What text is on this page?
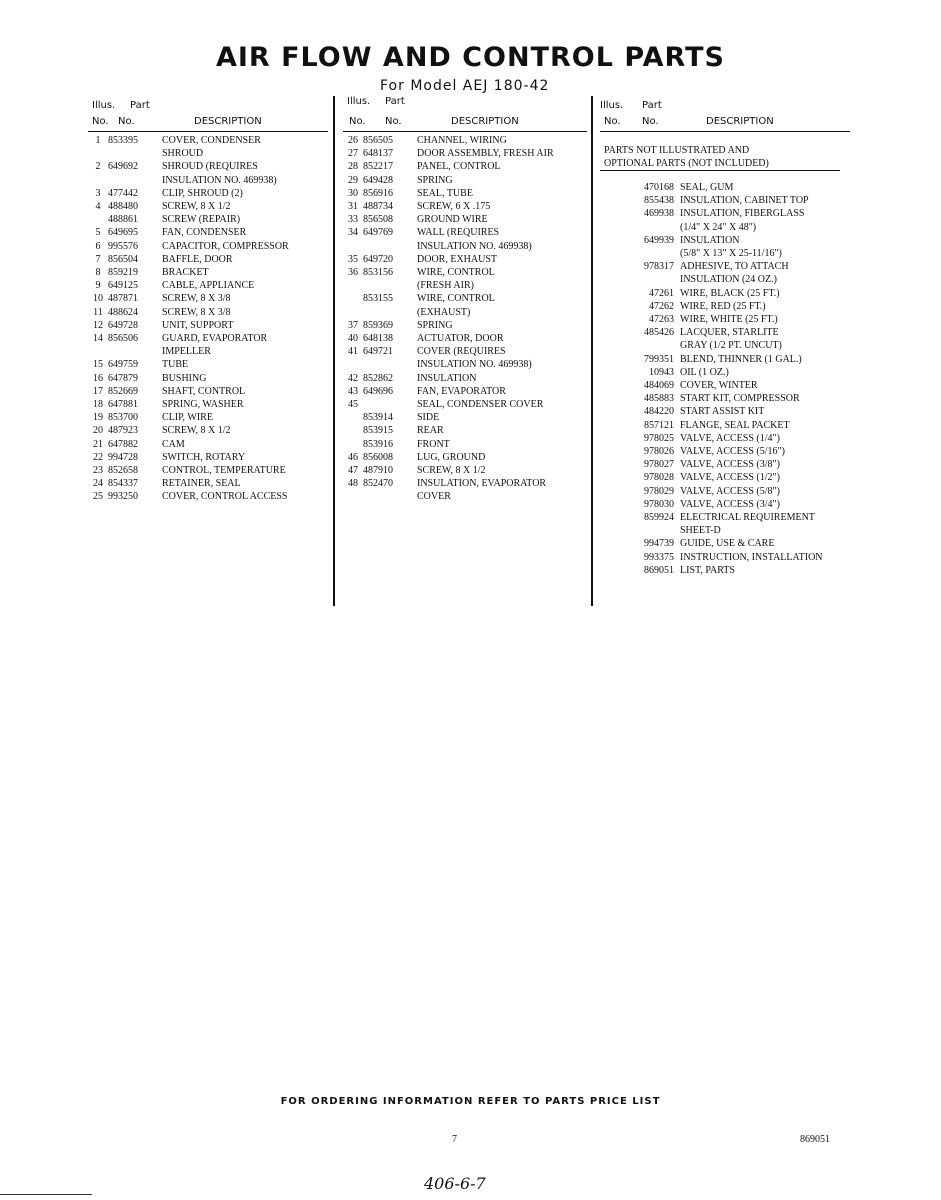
AIR FLOW AND CONTROL PARTS
For Model AEJ 180-42
Illus. Part
No. No.	DESCRIPTION
1 853395	COVER, CONDENSER
SHROUD
2 649692	SHROUD (REQUIRES
INSULATION NO. 469938)
3 477442	CLIP, SHROUD (2)
4 488480	SCREW, 8 X 1/2
488861	SCREW (REPAIR)
5 649695	FAN, CONDENSER
6 995576	CAPACITOR, COMPRESSOR
7 856504	BAFFLE, DOOR
8 859219	BRACKET
9 649125	CABLE, APPLIANCE
10 487871	SCREW, 8 X 3/8
11 488624	SCREW, 8 X 3/8
12 649728	UNIT, SUPPORT
14 856506	GUARD, EVAPORATOR
IMPELLER
15 649759	TUBE
16 647879	BUSHING
17 852669	SHAFT, CONTROL
18 647881	SPRING, WASHER
19 853700	CLIP, WIRE
20 487923	SCREW, 8 X 1/2
21 647882	CAM
22 994728	SWITCH, ROTARY
23 852658	CONTROL, TEMPERATURE
24 854337	RETAINER, SEAL
25 993250	COVER, CONTROL ACCESS
Illus. Part
No. No.	DESCRIPTION
26 856505	CHANNEL, WIRING
27 648137	DOOR ASSEMBLY, FRESH AIR
28 852217	PANEL, CONTROL
29 649428	SPRING
30 856916	SEAL, TUBE
31 488734	SCREW, 6 X .175
33 856508	GROUND WIRE
34 649769	WALL (REQUIRES
INSULATION NO. 469938)
35 649720	DOOR, EXHAUST
36 853156	WIRE, CONTROL
(FRESH AIR)
853155	WIRE, CONTROL
(EXHAUST)
37 859369	SPRING
40 648138	ACTUATOR, DOOR
41 649721	COVER (REQUIRES
INSULATION NO. 469938)
42 852862	INSULATION
43 649696	FAN, EVAPORATOR
45	SEAL, CONDENSER COVER
853914	SIDE
853915	REAR
853916	FRONT
46 856008	LUG, GROUND
47 487910	SCREW, 8 X 1/2
48 852470	INSULATION, EVAPORATOR
COVER
Illus. Part
No. No.	DESCRIPTION
PARTS NOT ILLUSTRATED AND
OPTIONAL PARTS (NOT INCLUDED)
470168 SEAL, GUM
855438 INSULATION, CABINET TOP
469938 INSULATION, FIBERGLASS
(1/4" X 24" X 48")
649939 INSULATION
(5/8" X 13" X 25-11/16")
978317 ADHESIVE, TO ATTACH
INSULATION (24 OZ.)
47261 WIRE, BLACK (25 FT.)
47262 WIRE, RED (25 FT.)
47263 WIRE, WHITE (25 FT.)
485426 LACQUER, STARLITE
GRAY (1/2 PT. UNCUT)
799351 BLEND, THINNER (1 GAL.)
10943 OIL (1 OZ.)
484069 COVER, WINTER
485883 START KIT, COMPRESSOR
484220 START ASSIST KIT
857121 FLANGE, SEAL PACKET
978025 VALVE, ACCESS (1/4")
978026 VALVE, ACCESS (5/16")
978027 VALVE, ACCESS (3/8")
978028 VALVE, ACCESS (1/2")
978029 VALVE, ACCESS (5/8")
978030 VALVE, ACCESS (3/4")
859924 ELECTRICAL REQUIREMENT
SHEET-D
994739 GUIDE, USE & CARE
993375 INSTRUCTION, INSTALLATION
869051 LIST, PARTS
FOR ORDERING INFORMATION REFER TO PARTS PRICE LIST
7	869051
406-6-7
